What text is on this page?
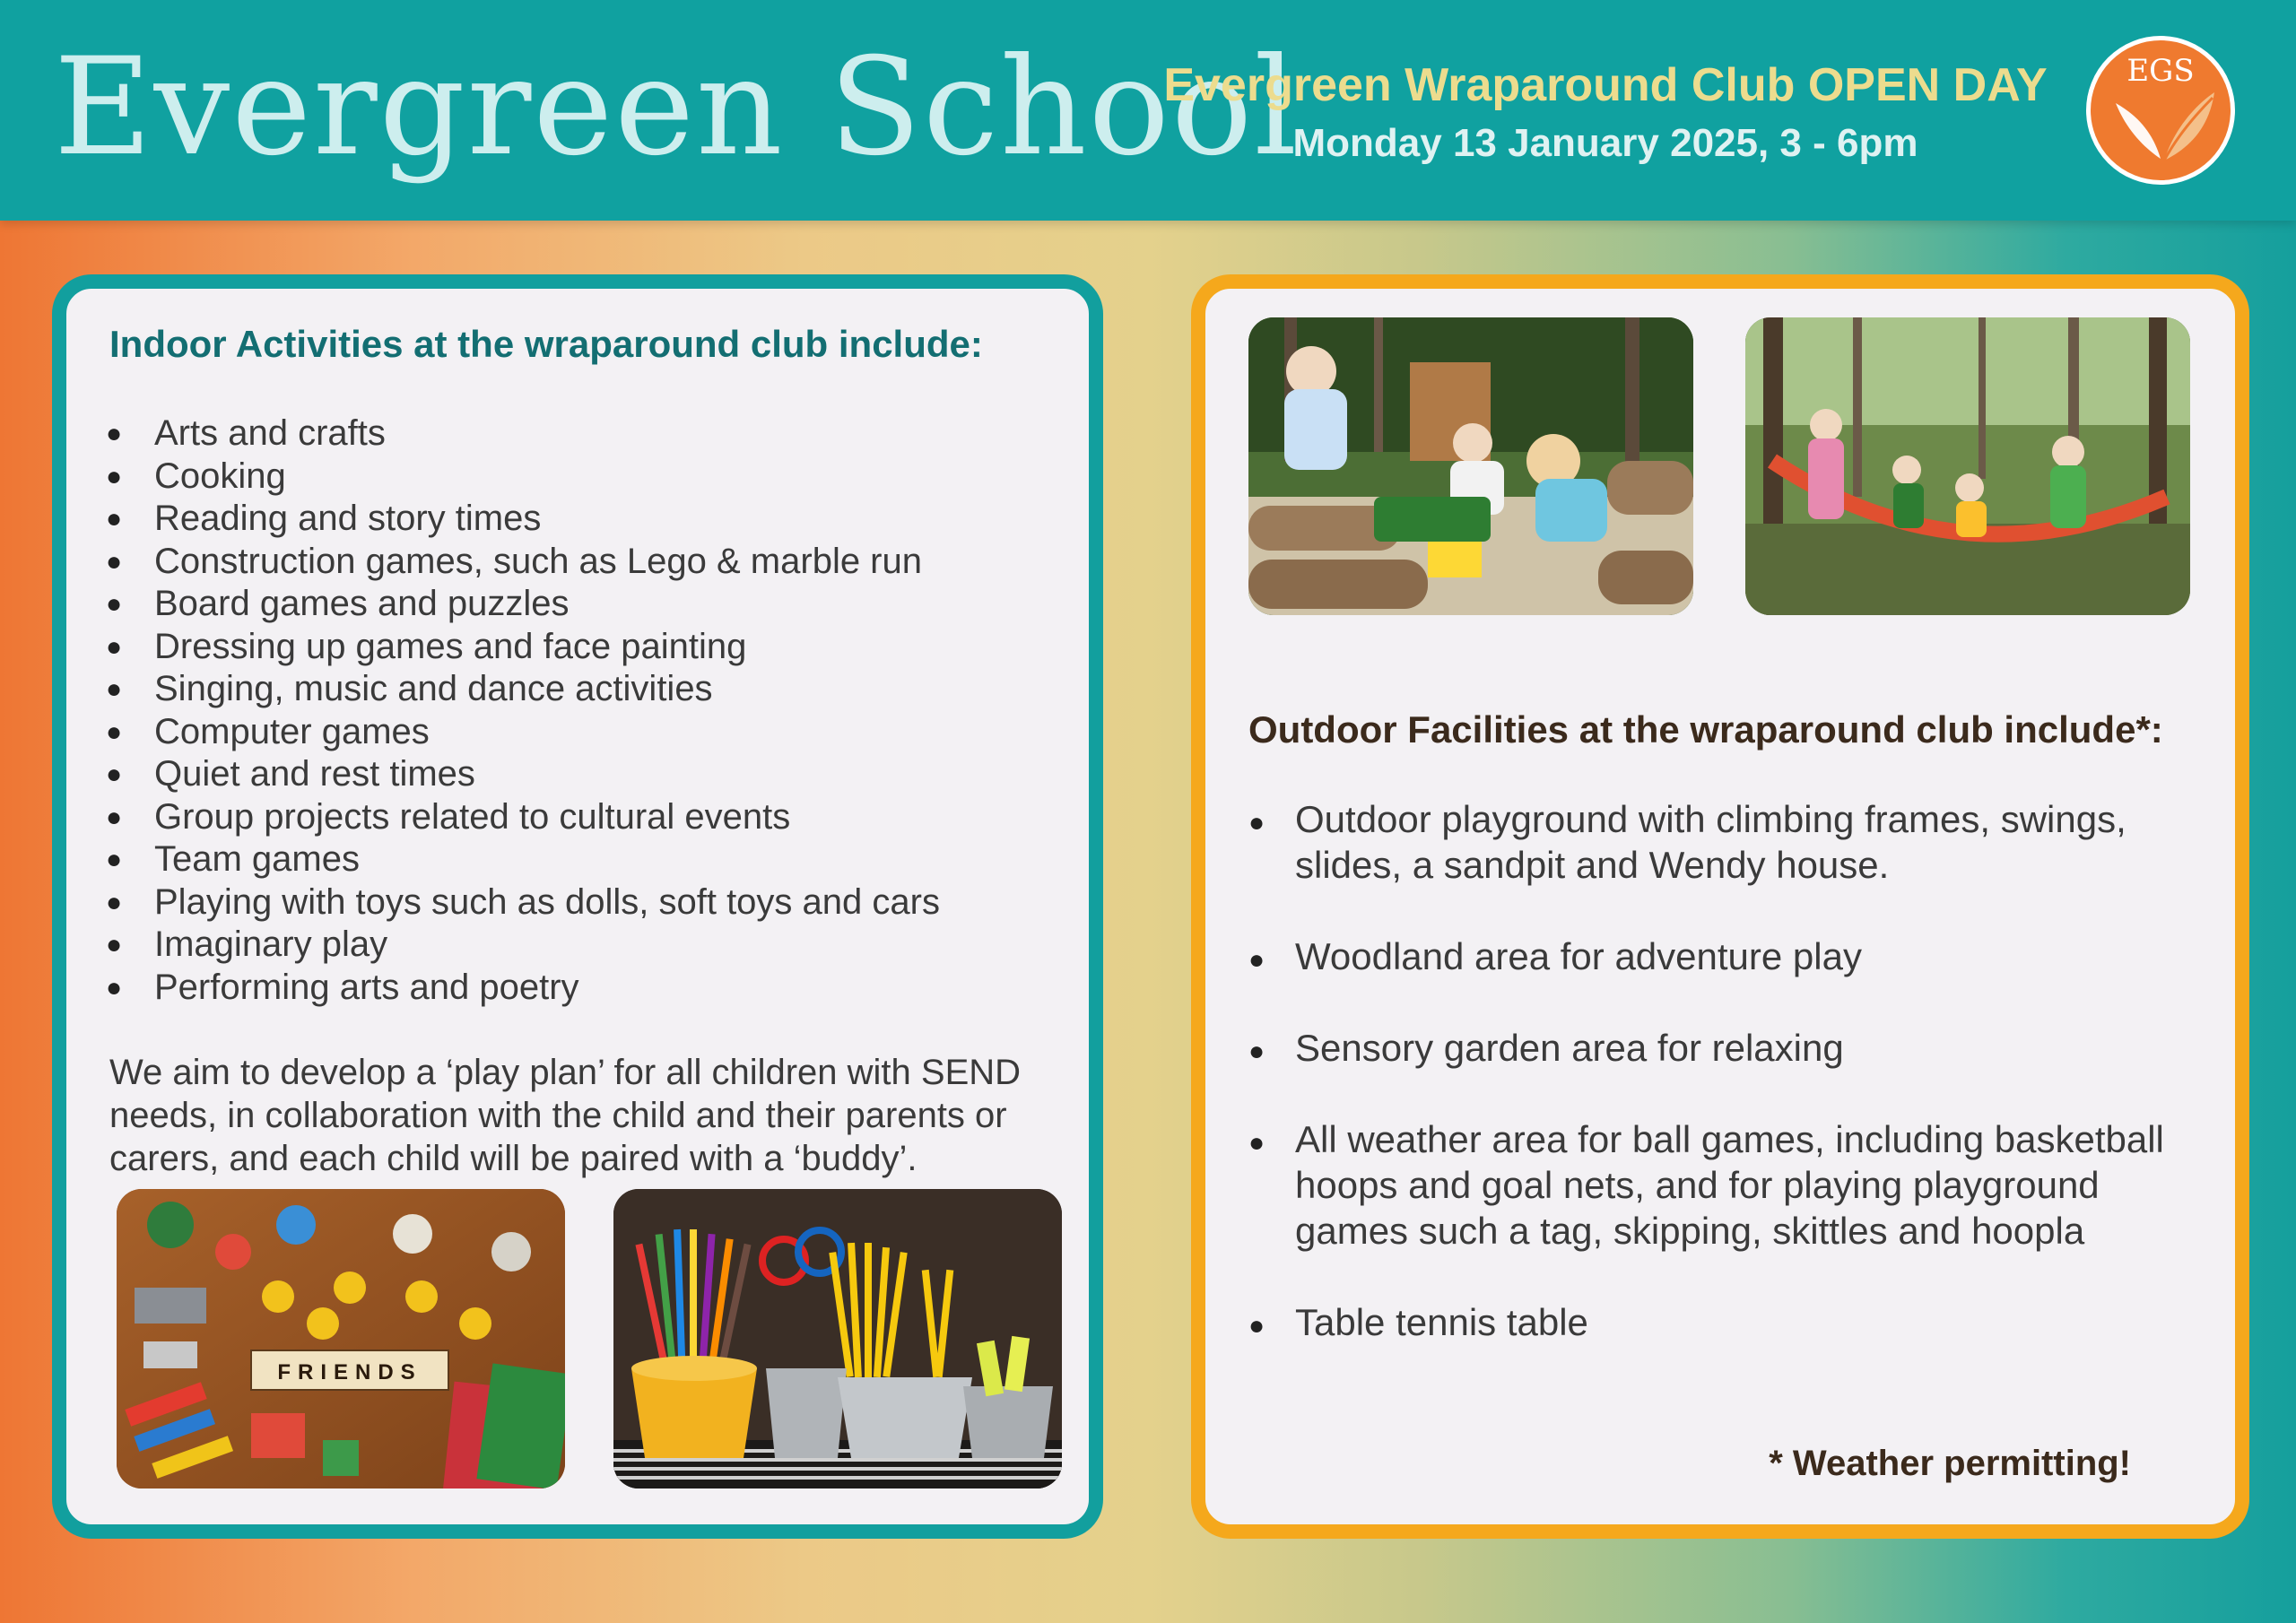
Evergreen School
Evergreen Wraparound Club OPEN DAY
Monday 13 January 2025, 3 - 6pm
EGS
Indoor Activities at the wraparound club include:
● Arts and crafts
● Cooking
● Reading and story times
● Construction games, such as Lego & marble run
● Board games and puzzles
● Dressing up games and face painting
● Singing, music and dance activities
● Computer games
● Quiet and rest times
● Group projects related to cultural events
● Team games
● Playing with toys such as dolls, soft toys and cars
● Imaginary play
● Performing arts and poetry
We aim to develop a ‘play plan’ for all children with SEND needs, in collaboration with the child and their parents or carers, and each child will be paired with a ‘buddy’.
FRIENDS
Outdoor Facilities at the wraparound club include*:
● Outdoor playground with climbing frames, swings, slides, a sandpit and Wendy house.
● Woodland area for adventure play
● Sensory garden area for relaxing
● All weather area for ball games, including basketball hoops and goal nets, and for playing playground games such a tag, skipping, skittles and hoopla
● Table tennis table
* Weather permitting!
